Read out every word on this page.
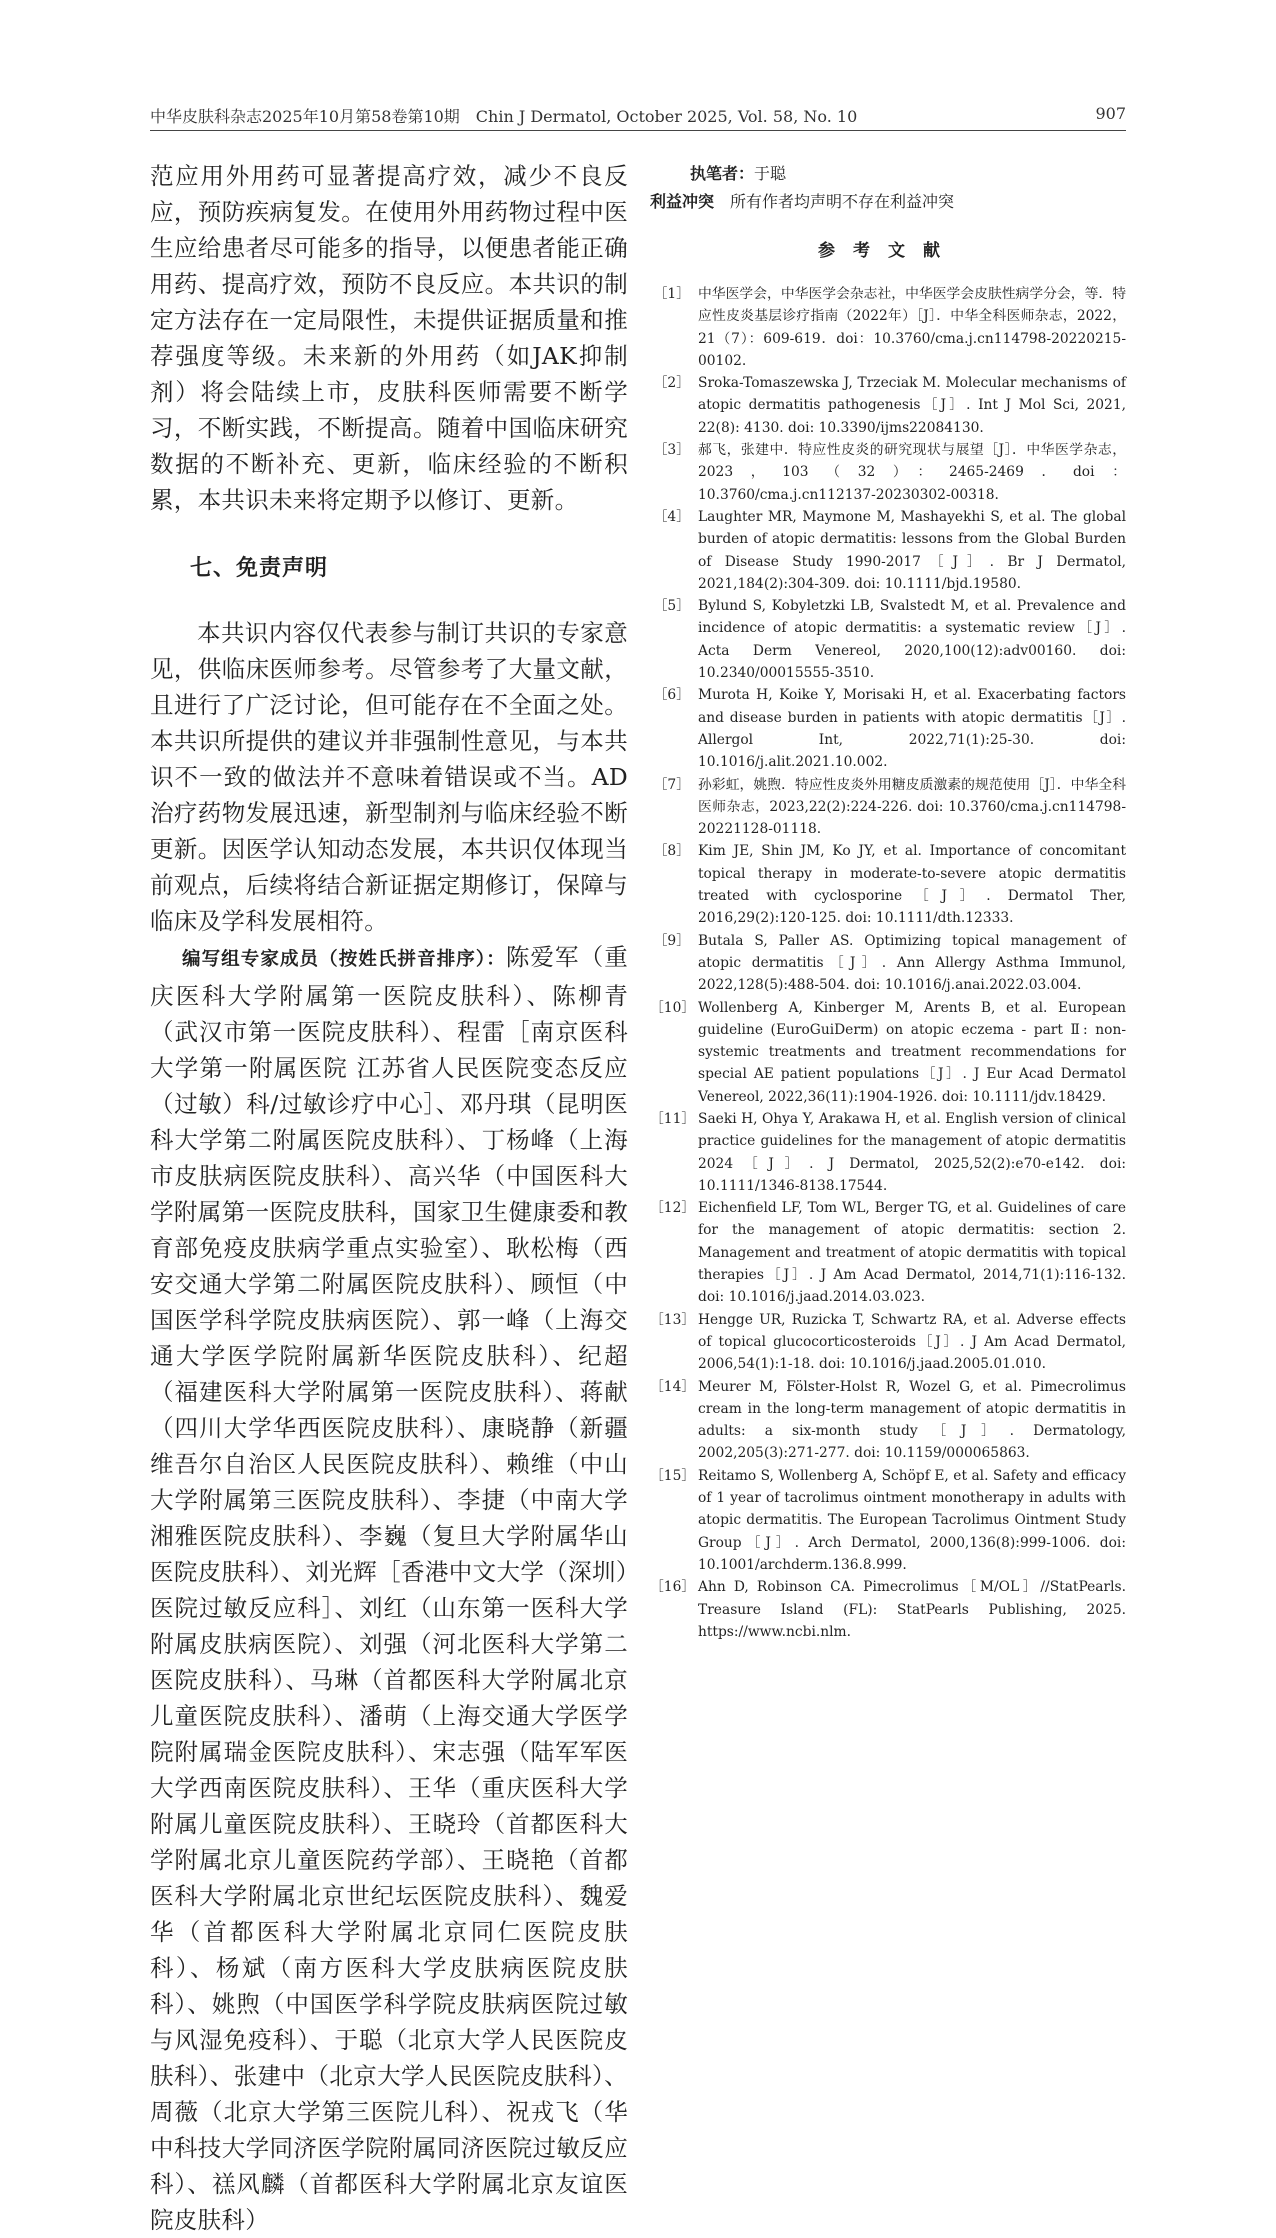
中华皮肤科杂志2025年10月第58卷第10期　Chin J Dermatol, October 2025, Vol. 58, No. 10	907

范应用外用药可显著提高疗效，减少不良反应，预防疾病复发。在使用外用药物过程中医生应给患者尽可能多的指导，以便患者能正确用药、提高疗效，预防不良反应。本共识的制定方法存在一定局限性，未提供证据质量和推荐强度等级。未来新的外用药（如JAK抑制剂）将会陆续上市，皮肤科医师需要不断学习，不断实践，不断提高。随着中国临床研究数据的不断补充、更新，临床经验的不断积累，本共识未来将定期予以修订、更新。

七、免责声明

本共识内容仅代表参与制订共识的专家意见，供临床医师参考。尽管参考了大量文献，且进行了广泛讨论，但可能存在不全面之处。本共识所提供的建议并非强制性意见，与本共识不一致的做法并不意味着错误或不当。AD治疗药物发展迅速，新型制剂与临床经验不断更新。因医学认知动态发展，本共识仅体现当前观点，后续将结合新证据定期修订，保障与临床及学科发展相符。

编写组专家成员（按姓氏拼音排序）：陈爱军（重庆医科大学附属第一医院皮肤科）、陈柳青（武汉市第一医院皮肤科）、程雷［南京医科大学第一附属医院 江苏省人民医院变态反应（过敏）科/过敏诊疗中心］、邓丹琪（昆明医科大学第二附属医院皮肤科）、丁杨峰（上海市皮肤病医院皮肤科）、高兴华（中国医科大学附属第一医院皮肤科，国家卫生健康委和教育部免疫皮肤病学重点实验室）、耿松梅（西安交通大学第二附属医院皮肤科）、顾恒（中国医学科学院皮肤病医院）、郭一峰（上海交通大学医学院附属新华医院皮肤科）、纪超（福建医科大学附属第一医院皮肤科）、蒋献（四川大学华西医院皮肤科）、康晓静（新疆维吾尔自治区人民医院皮肤科）、赖维（中山大学附属第三医院皮肤科）、李捷（中南大学湘雅医院皮肤科）、李巍（复旦大学附属华山医院皮肤科）、刘光辉［香港中文大学（深圳）医院过敏反应科］、刘红（山东第一医科大学附属皮肤病医院）、刘强（河北医科大学第二医院皮肤科）、马琳（首都医科大学附属北京儿童医院皮肤科）、潘萌（上海交通大学医学院附属瑞金医院皮肤科）、宋志强（陆军军医大学西南医院皮肤科）、王华（重庆医科大学附属儿童医院皮肤科）、王晓玲（首都医科大学附属北京儿童医院药学部）、王晓艳（首都医科大学附属北京世纪坛医院皮肤科）、魏爱华（首都医科大学附属北京同仁医院皮肤科）、杨斌（南方医科大学皮肤病医院皮肤科）、姚煦（中国医学科学院皮肤病医院过敏与风湿免疫科）、于聪（北京大学人民医院皮肤科）、张建中（北京大学人民医院皮肤科）、周薇（北京大学第三医院儿科）、祝戎飞（华中科技大学同济医学院附属同济医院过敏反应科）、禚风麟（首都医科大学附属北京友谊医院皮肤科）

执笔者：于聪
利益冲突　 所有作者均声明不存在利益冲突
参考文献
［1］ 中华医学会，中华医学会杂志社，中华医学会皮肤性病学分会，等．特应性皮炎基层诊疗指南（2022年）［J］．中华全科医师杂志，2022，21（7）：609-619．doi：10.3760/cma.j.cn114798-20220215-00102.
［2］ Sroka-Tomaszewska J, Trzeciak M. Molecular mechanisms of atopic dermatitis pathogenesis［J］. Int J Mol Sci, 2021, 22(8): 4130. doi: 10.3390/ijms22084130.
［3］ 郝飞，张建中．特应性皮炎的研究现状与展望［J］．中华医学杂志，2023，103（32）：2465-2469．doi：10.3760/cma.j.cn112137-20230302-00318.
［4］ Laughter MR, Maymone M, Mashayekhi S, et al. The global burden of atopic dermatitis: lessons from the Global Burden of Disease Study 1990-2017［J］. Br J Dermatol, 2021,184(2):304-309. doi: 10.1111/bjd.19580.
［5］ Bylund S, Kobyletzki LB, Svalstedt M, et al. Prevalence and incidence of atopic dermatitis: a systematic review［J］. Acta Derm Venereol, 2020,100(12):adv00160. doi: 10.2340/00015555-3510.
［6］ Murota H, Koike Y, Morisaki H, et al. Exacerbating factors and disease burden in patients with atopic dermatitis［J］. Allergol Int, 2022,71(1):25-30. doi: 10.1016/j.alit.2021.10.002.
［7］ 孙彩虹，姚煦．特应性皮炎外用糖皮质激素的规范使用［J］．中华全科医师杂志，2023,22(2):224-226. doi: 10.3760/cma.j.cn114798-20221128-01118.
［8］ Kim JE, Shin JM, Ko JY, et al. Importance of concomitant topical therapy in moderate-to-severe atopic dermatitis treated with cyclosporine［J］. Dermatol Ther, 2016,29(2):120-125. doi: 10.1111/dth.12333.
［9］ Butala S, Paller AS. Optimizing topical management of atopic dermatitis［J］. Ann Allergy Asthma Immunol, 2022,128(5):488-504. doi: 10.1016/j.anai.2022.03.004.
［10］ Wollenberg A, Kinberger M, Arents B, et al. European guideline (EuroGuiDerm) on atopic eczema - part Ⅱ: non-systemic treatments and treatment recommendations for special AE patient populations［J］. J Eur Acad Dermatol Venereol, 2022,36(11):1904-1926. doi: 10.1111/jdv.18429.
［11］ Saeki H, Ohya Y, Arakawa H, et al. English version of clinical practice guidelines for the management of atopic dermatitis 2024［J］. J Dermatol, 2025,52(2):e70-e142. doi: 10.1111/1346-8138.17544.
［12］ Eichenfield LF, Tom WL, Berger TG, et al. Guidelines of care for the management of atopic dermatitis: section 2. Management and treatment of atopic dermatitis with topical therapies［J］. J Am Acad Dermatol, 2014,71(1):116-132. doi: 10.1016/j.jaad.2014.03.023.
［13］ Hengge UR, Ruzicka T, Schwartz RA, et al. Adverse effects of topical glucocorticosteroids［J］. J Am Acad Dermatol, 2006,54(1):1-18. doi: 10.1016/j.jaad.2005.01.010.
［14］ Meurer M, Fölster-Holst R, Wozel G, et al. Pimecrolimus cream in the long-term management of atopic dermatitis in adults: a six-month study［J］. Dermatology, 2002,205(3):271-277. doi: 10.1159/000065863.
［15］ Reitamo S, Wollenberg A, Schöpf E, et al. Safety and efficacy of 1 year of tacrolimus ointment monotherapy in adults with atopic dermatitis. The European Tacrolimus Ointment Study Group［J］. Arch Dermatol, 2000,136(8):999-1006. doi: 10.1001/archderm.136.8.999.
［16］ Ahn D, Robinson CA. Pimecrolimus［M/OL］//StatPearls. Treasure Island (FL): StatPearls Publishing, 2025. https://www.ncbi.nlm.
